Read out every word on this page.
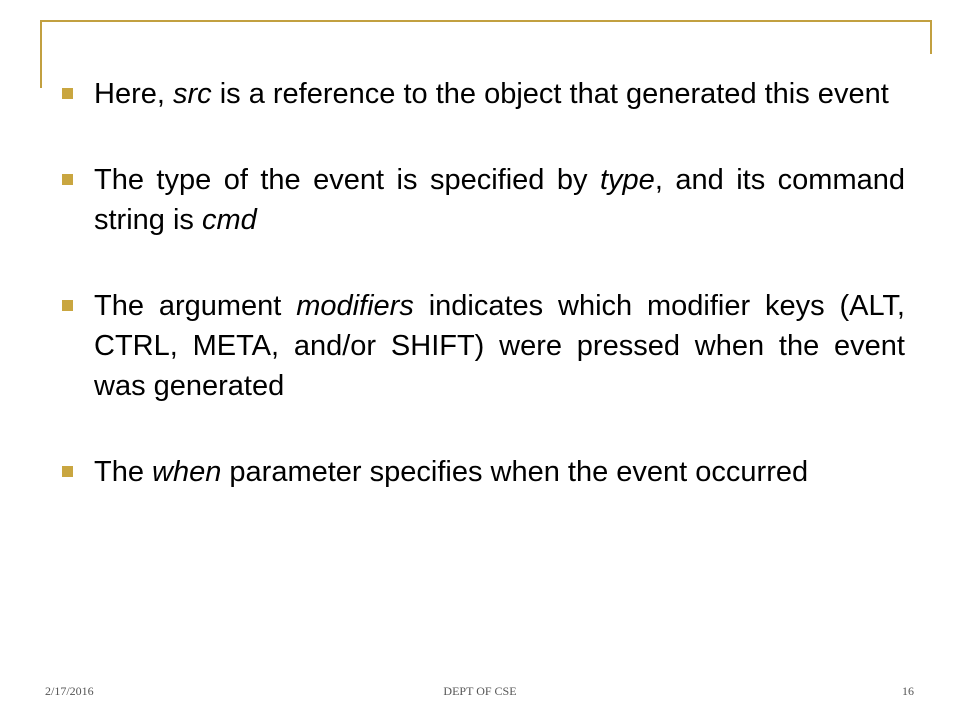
Here, src is a reference to the object that generated this event
The type of the event is specified by type, and its command string is cmd
The argument modifiers indicates which modifier keys (ALT, CTRL, META, and/or SHIFT) were pressed when the event was generated
The when parameter specifies when the event occurred
2/17/2016	DEPT OF CSE	16
